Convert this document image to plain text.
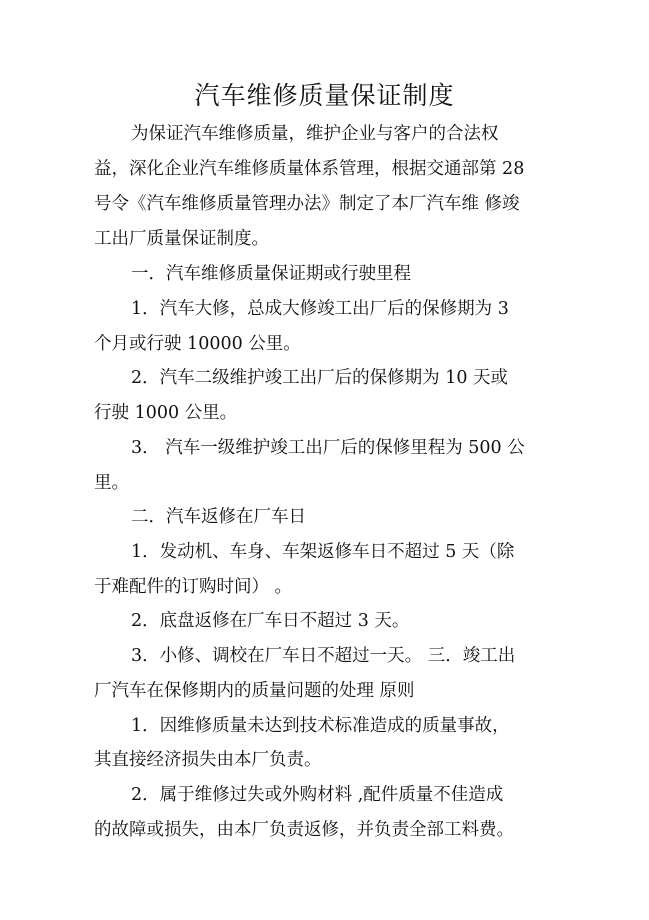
汽车维修质量保证制度
为保证汽车维修质量，维护企业与客户的合法权
益，深化企业汽车维修质量体系管理，根据交通部第 28
号令《汽车维修质量管理办法》制定了本厂汽车维 修竣
工出厂质量保证制度。
一．汽车维修质量保证期或行驶里程
1．汽车大修，总成大修竣工出厂后的保修期为 3
个月或行驶 10000 公里。
2．汽车二级维护竣工出厂后的保修期为 10 天或
行驶 1000 公里。
3． 汽车一级维护竣工出厂后的保修里程为 500 公
里。
二．汽车返修在厂车日
1．发动机、车身、车架返修车日不超过 5 天（除
于难配件的订购时间） 。
2．底盘返修在厂车日不超过 3 天。
3．小修、调校在厂车日不超过一天。 三．竣工出
厂汽车在保修期内的质量问题的处理 原则
1．因维修质量未达到技术标准造成的质量事故，
其直接经济损失由本厂负责。
2．属于维修过失或外购材料 ,配件质量不佳造成
的故障或损失，由本厂负责返修，并负责全部工料费。
